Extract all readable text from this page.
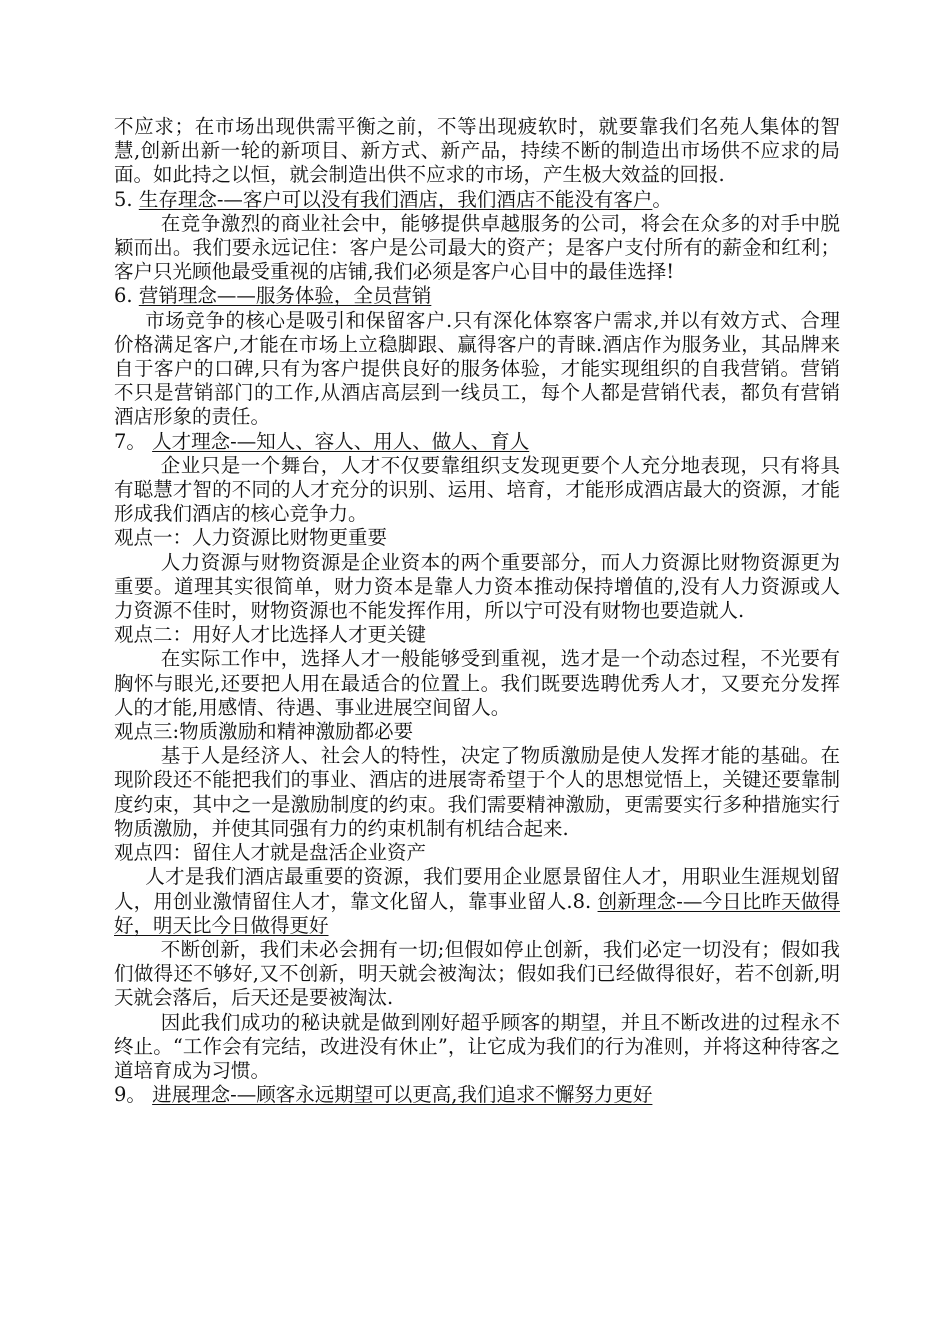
不应求；在市场出现供需平衡之前，不等出现疲软时，就要靠我们名苑人集体的智慧,创新出新一轮的新项目、新方式、新产品，持续不断的制造出市场供不应求的局面。如此持之以恒，就会制造出供不应求的市场，产生极大效益的回报.

5. 生存理念-—客户可以没有我们酒店，我们酒店不能没有客户。

在竞争激烈的商业社会中，能够提供卓越服务的公司，将会在众多的对手中脱颖而出。我们要永远记住：客户是公司最大的资产；是客户支付所有的薪金和红利；客户只光顾他最受重视的店铺,我们必须是客户心目中的最佳选择!

6. 营销理念——服务体验，全员营销

市场竞争的核心是吸引和保留客户.只有深化体察客户需求,并以有效方式、合理价格满足客户,才能在市场上立稳脚跟、赢得客户的青睐.酒店作为服务业，其品牌来自于客户的口碑,只有为客户提供良好的服务体验，才能实现组织的自我营销。营销不只是营销部门的工作,从酒店高层到一线员工，每个人都是营销代表，都负有营销酒店形象的责任。

7。 人才理念-—知人、容人、用人、做人、育人

企业只是一个舞台，人才不仅要靠组织支发现更要个人充分地表现，只有将具有聪慧才智的不同的人才充分的识别、运用、培育，才能形成酒店最大的资源，才能形成我们酒店的核心竞争力。

观点一：人力资源比财物更重要

人力资源与财物资源是企业资本的两个重要部分，而人力资源比财物资源更为重要。道理其实很简单，财力资本是靠人力资本推动保持增值的,没有人力资源或人力资源不佳时，财物资源也不能发挥作用，所以宁可没有财物也要造就人.

观点二：用好人才比选择人才更关键

在实际工作中，选择人才一般能够受到重视，选才是一个动态过程，不光要有胸怀与眼光,还要把人用在最适合的位置上。我们既要选聘优秀人才，又要充分发挥人的才能,用感情、待遇、事业进展空间留人。

观点三:物质激励和精神激励都必要

基于人是经济人、社会人的特性，决定了物质激励是使人发挥才能的基础。在现阶段还不能把我们的事业、酒店的进展寄希望于个人的思想觉悟上，关键还要靠制度约束，其中之一是激励制度的约束。我们需要精神激励，更需要实行多种措施实行物质激励，并使其同强有力的约束机制有机结合起来.

观点四：留住人才就是盘活企业资产

人才是我们酒店最重要的资源，我们要用企业愿景留住人才，用职业生涯规划留人，用创业激情留住人才，靠文化留人，靠事业留人.8. 创新理念-—今日比昨天做得好，明天比今日做得更好

不断创新，我们未必会拥有一切;但假如停止创新，我们必定一切没有；假如我们做得还不够好,又不创新，明天就会被淘汰；假如我们已经做得很好，若不创新,明天就会落后，后天还是要被淘汰.

因此我们成功的秘诀就是做到刚好超乎顾客的期望，并且不断改进的过程永不终止。“工作会有完结，改进没有休止”，让它成为我们的行为准则，并将这种待客之道培育成为习惯。

9。 进展理念-—顾客永远期望可以更高,我们追求不懈努力更好
